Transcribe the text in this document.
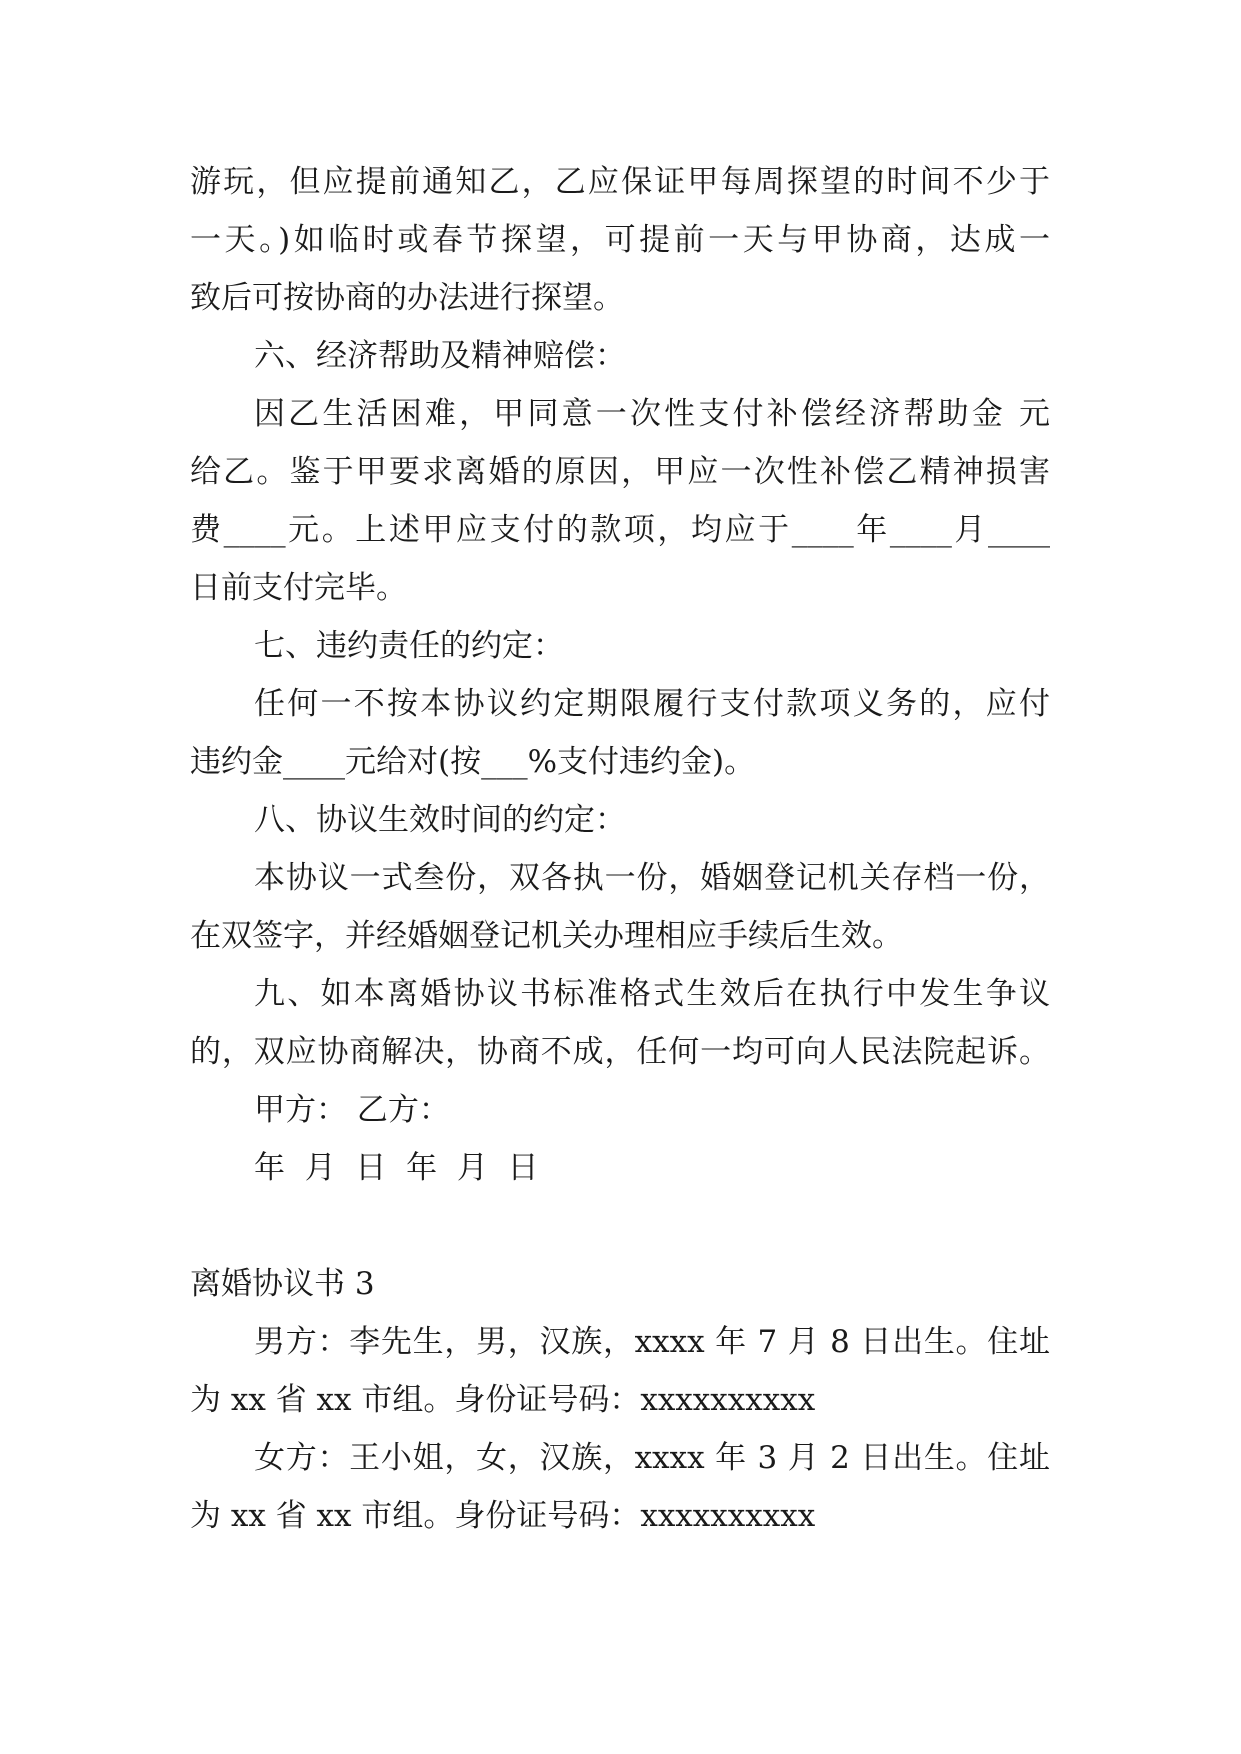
游玩，但应提前通知乙，乙应保证甲每周探望的时间不少于
一天。)如临时或春节探望，可提前一天与甲协商，达成一
致后可按协商的办法进行探望。
六、经济帮助及精神赔偿：
因乙生活困难，甲同意一次性支付补偿经济帮助金 元
给乙。鉴于甲要求离婚的原因，甲应一次性补偿乙精神损害
费____元。上述甲应支付的款项，均应于____年____月____
日前支付完毕。
七、违约责任的约定：
任何一不按本协议约定期限履行支付款项义务的，应付
违约金____元给对(按___%支付违约金)。
八、协议生效时间的约定：
本协议一式叁份，双各执一份，婚姻登记机关存档一份，
在双签字，并经婚姻登记机关办理相应手续后生效。
九、如本离婚协议书标准格式生效后在执行中发生争议
的，双应协商解决，协商不成，任何一均可向人民法院起诉。
甲方： 乙方：
年  月  日  年  月  日
离婚协议书 3
男方：李先生，男，汉族，xxxx 年 7 月 8 日出生。住址
为 xx 省 xx 市组。身份证号码：xxxxxxxxxx
女方：王小姐，女，汉族，xxxx 年 3 月 2 日出生。住址
为 xx 省 xx 市组。身份证号码：xxxxxxxxxx
